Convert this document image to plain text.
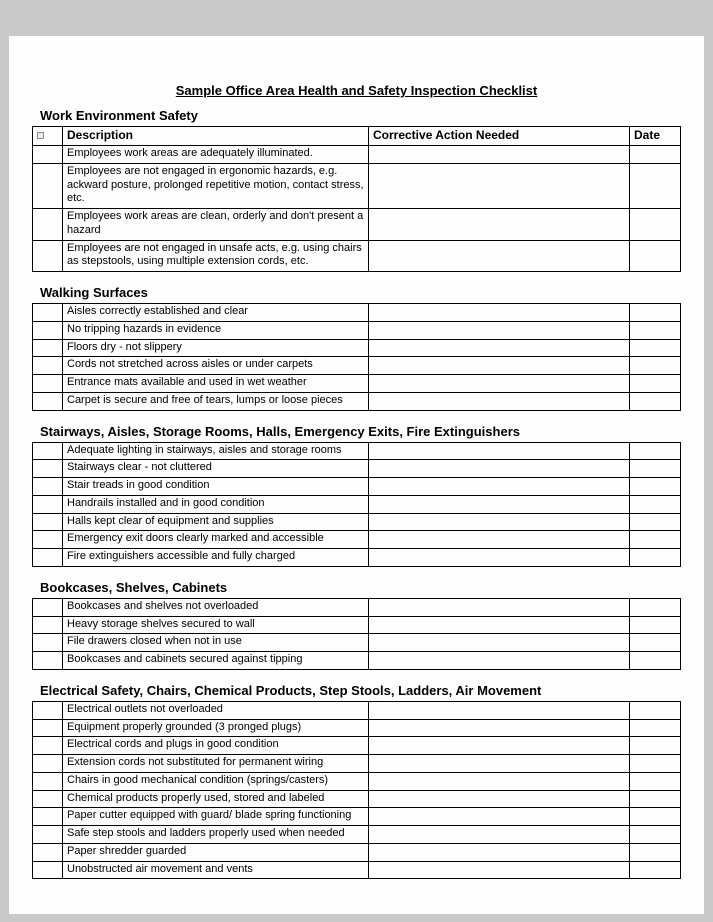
Sample Office Area Health and Safety Inspection Checklist
Work Environment Safety
	Description	Corrective Action Needed	Date
	Employees work areas are adequately illuminated.		
	Employees are not engaged in ergonomic hazards, e.g. ackward posture, prolonged repetitive motion, contact stress, etc.		
	Employees work areas are clean, orderly and don't present a hazard		
	Employees are not engaged in unsafe acts, e.g. using chairs as stepstools, using multiple extension cords, etc.		
Walking Surfaces
	Aisles correctly established and clear		
	No tripping hazards in evidence		
	Floors dry - not slippery		
	Cords not stretched across aisles or under carpets		
	Entrance mats available and used in wet weather		
	Carpet is secure and free of tears, lumps or loose pieces		
Stairways, Aisles, Storage Rooms, Halls, Emergency Exits, Fire Extinguishers
	Adequate lighting in stairways, aisles and storage rooms		
	Stairways clear - not cluttered		
	Stair treads in good condition		
	Handrails installed and in good condition		
	Halls kept clear of equipment and supplies		
	Emergency exit doors clearly marked and accessible		
	Fire extinguishers accessible and fully charged		
Bookcases, Shelves, Cabinets
	Bookcases and shelves not overloaded		
	Heavy storage shelves secured to wall		
	File drawers closed when not in use		
	Bookcases and cabinets secured against tipping		
Electrical Safety, Chairs, Chemical Products, Step Stools, Ladders, Air Movement
	Electrical outlets not overloaded		
	Equipment properly grounded (3 pronged plugs)		
	Electrical cords and plugs in good condition		
	Extension cords not substituted for permanent wiring		
	Chairs in good mechanical condition (springs/casters)		
	Chemical products properly used, stored and labeled		
	Paper cutter equipped with guard/ blade spring functioning		
	Safe step stools and ladders properly used when needed		
	Paper shredder guarded		
	Unobstructed air movement and vents		
